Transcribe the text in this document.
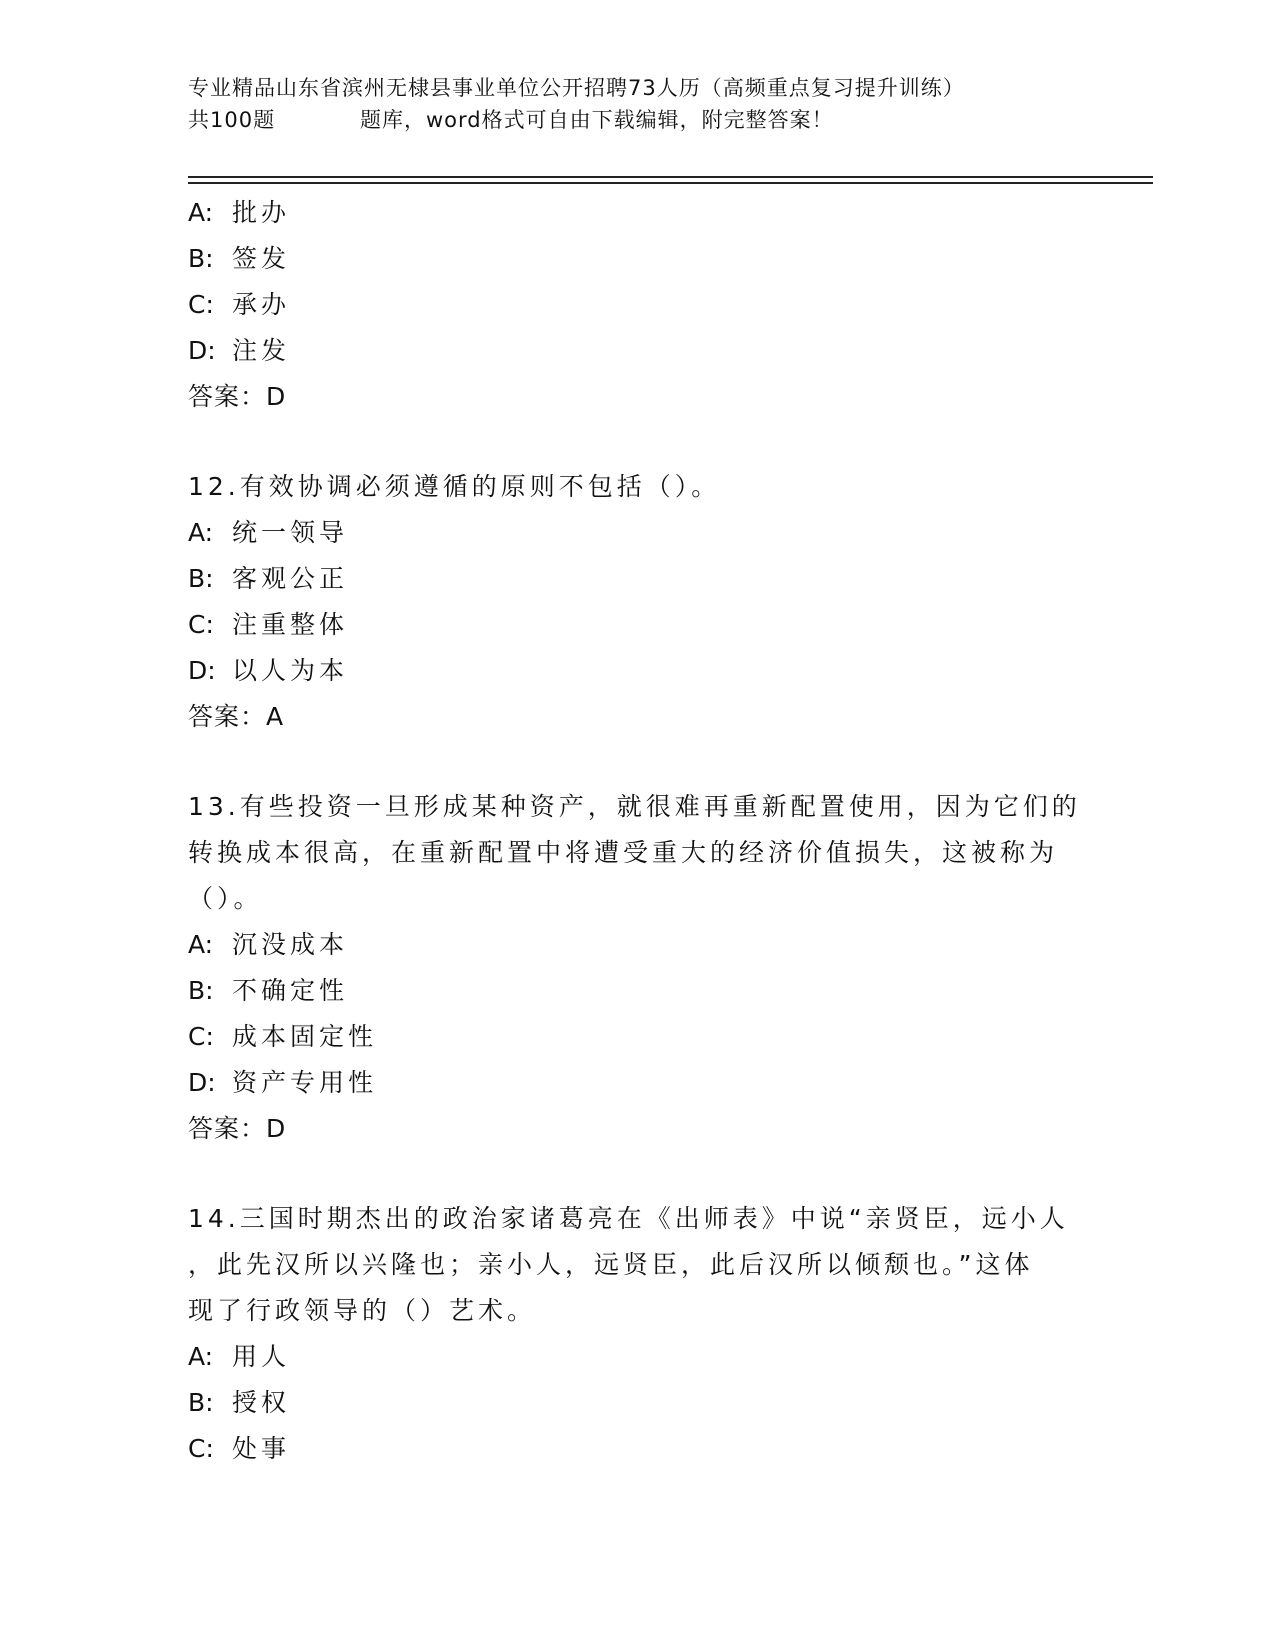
专业精品山东省滨州无棣县事业单位公开招聘73人历（高频重点复习提升训练）
共100题	题库，word格式可自由下载编辑，附完整答案！
A: 批办
B: 签发
C: 承办
D: 注发
答案：D
12.有效协调必须遵循的原则不包括（）。
A: 统一领导
B: 客观公正
C: 注重整体
D: 以人为本
答案：A
13.有些投资一旦形成某种资产，就很难再重新配置使用，因为它们的
转换成本很高，在重新配置中将遭受重大的经济价值损失，这被称为
（）。
A: 沉没成本
B: 不确定性
C: 成本固定性
D: 资产专用性
答案：D
14.三国时期杰出的政治家诸葛亮在《出师表》中说“亲贤臣，远小人
，此先汉所以兴隆也；亲小人，远贤臣，此后汉所以倾颓也。”这体
现了行政领导的（）艺术。
A: 用人
B: 授权
C: 处事
